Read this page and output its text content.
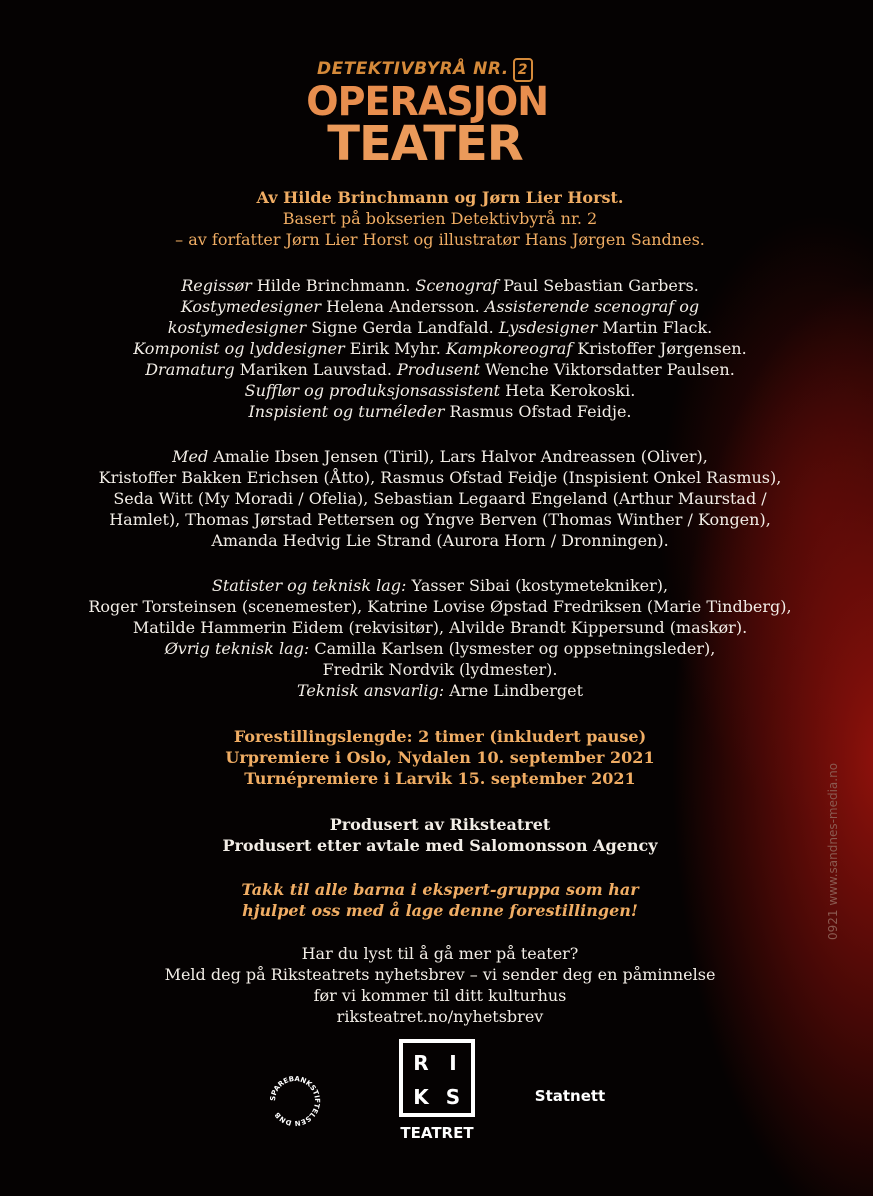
DETEKTIVBYRÅ NR. 2
OPERASJON
TEATER
Av Hilde Brinchmann og Jørn Lier Horst.
Basert på bokserien Detektivbyrå nr. 2
– av forfatter Jørn Lier Horst og illustratør Hans Jørgen Sandnes.
Regissør Hilde Brinchmann. Scenograf Paul Sebastian Garbers.
Kostymedesigner Helena Andersson. Assisterende scenograf og
kostymedesigner Signe Gerda Landfald. Lysdesigner Martin Flack.
Komponist og lyddesigner Eirik Myhr. Kampkoreograf Kristoffer Jørgensen.
Dramaturg Mariken Lauvstad. Produsent Wenche Viktorsdatter Paulsen.
Sufflør og produksjonsassistent Heta Kerokoski.
Inspisient og turnéleder Rasmus Ofstad Feidje.
Med Amalie Ibsen Jensen (Tiril), Lars Halvor Andreassen (Oliver),
Kristoffer Bakken Erichsen (Åtto), Rasmus Ofstad Feidje (Inspisient Onkel Rasmus),
Seda Witt (My Moradi / Ofelia), Sebastian Legaard Engeland (Arthur Maurstad /
Hamlet), Thomas Jørstad Pettersen og Yngve Berven (Thomas Winther / Kongen),
Amanda Hedvig Lie Strand (Aurora Horn / Dronningen).
Statister og teknisk lag: Yasser Sibai (kostymetekniker),
Roger Torsteinsen (scenemester), Katrine Lovise Øpstad Fredriksen (Marie Tindberg),
Matilde Hammerin Eidem (rekvisitør), Alvilde Brandt Kippersund (maskør).
Øvrig teknisk lag: Camilla Karlsen (lysmester og oppsetningsleder),
Fredrik Nordvik (lydmester).
Teknisk ansvarlig: Arne Lindberget
Forestillingslengde: 2 timer (inkludert pause)
Urpremiere i Oslo, Nydalen 10. september 2021
Turnépremiere i Larvik 15. september 2021
Produsert av Riksteatret
Produsert etter avtale med Salomonsson Agency
Takk til alle barna i ekspert-gruppa som har
hjulpet oss med å lage denne forestillingen!
Har du lyst til å gå mer på teater?
Meld deg på Riksteatrets nyhetsbrev – vi sender deg en påminnelse
før vi kommer til ditt kulturhus
riksteatret.no/nyhetsbrev
SPAREBANKSTIFTELSEN DNB
R	I
K S
TEATRET
Statnett
0921 www.sandnes-media.no
